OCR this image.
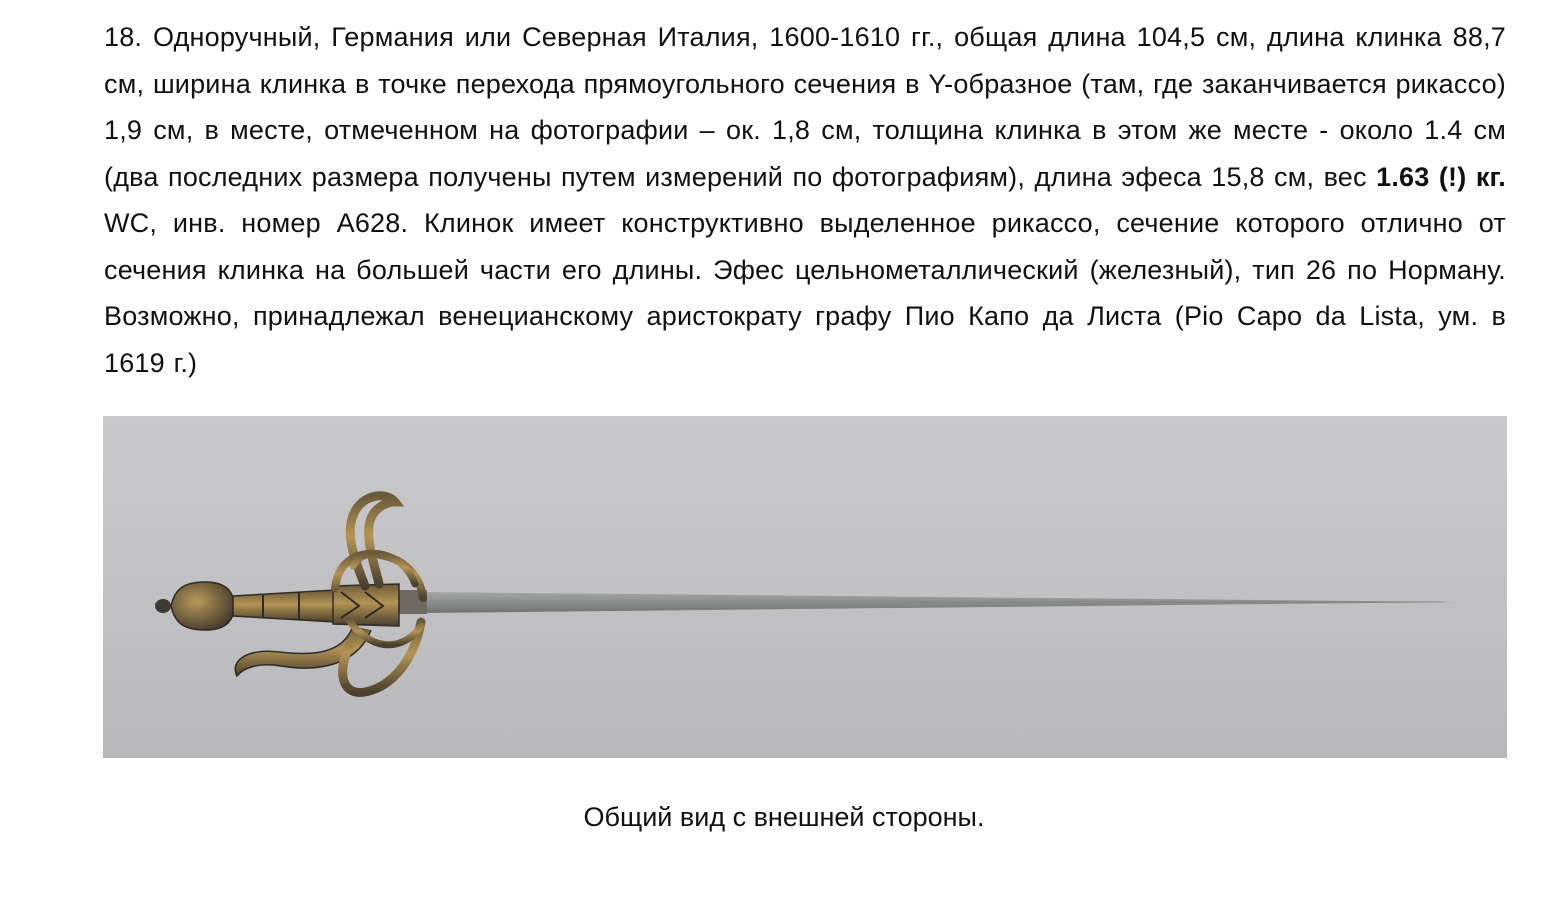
18. Одноручный, Германия или Северная Италия, 1600-1610 гг., общая длина 104,5 см, длина клинка 88,7 см, ширина клинка в точке перехода прямоугольного сечения в Y-образное (там, где заканчивается рикассо) 1,9 см, в месте, отмеченном на фотографии – ок. 1,8 см, толщина клинка в этом же месте - около 1.4 см (два последних размера получены путем измерений по фотографиям), длина эфеса 15,8 см, вес 1.63 (!) кг. WC, инв. номер A628. Клинок имеет конструктивно выделенное рикассо, сечение которого отлично от сечения клинка на большей части его длины. Эфес цельнометаллический (железный), тип 26 по Норману. Возможно, принадлежал венецианскому аристократу графу Пио Капо да Листа (Pio Capo da Lista, ум. в 1619 г.)

Общий вид с внешней стороны.
